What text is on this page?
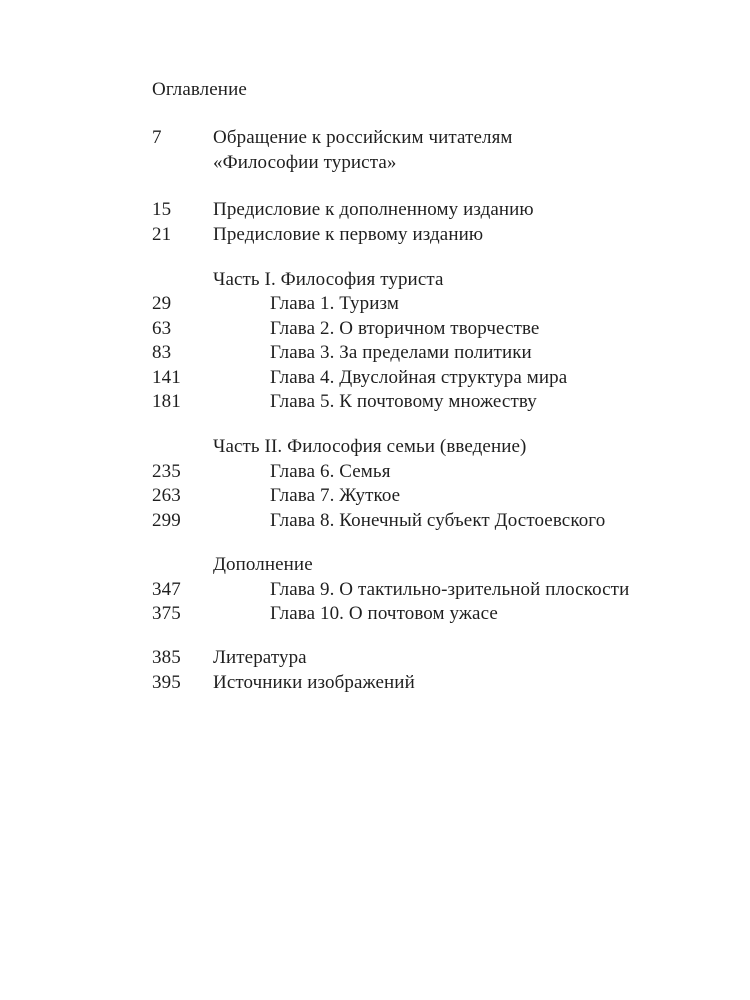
Оглавление
7	Обращение к российским читателям
«Философии туриста»
15	Предисловие к дополненному изданию
21	Предисловие к первому изданию
Часть I. Философия туриста
29	Глава 1. Туризм
63	Глава 2. О вторичном творчестве
83	Глава 3. За пределами политики
141	Глава 4. Двуслойная структура мира
181	Глава 5. К почтовому множеству
Часть II. Философия семьи (введение)
235	Глава 6. Семья
263	Глава 7. Жуткое
299	Глава 8. Конечный субъект Достоевского
Дополнение
347	Глава 9. О тактильно-зрительной плоскости
375	Глава 10. О почтовом ужасе
385	Литература
395	Источники изображений
